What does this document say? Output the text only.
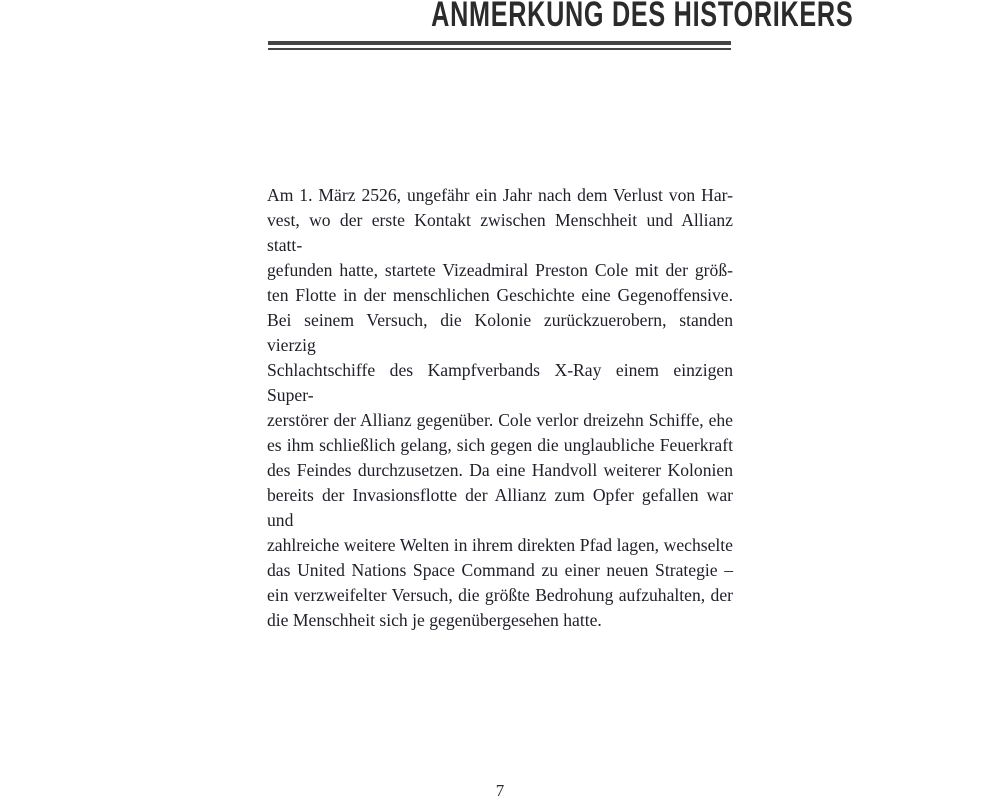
ANMERKUNG DES HISTORIKERS
Am 1. März 2526, ungefähr ein Jahr nach dem Verlust von Har-
vest, wo der erste Kontakt zwischen Menschheit und Allianz statt-
gefunden hatte, startete Vizeadmiral Preston Cole mit der größ-
ten Flotte in der menschlichen Geschichte eine Gegenoffensive.
Bei seinem Versuch, die Kolonie zurückzuerobern, standen vierzig
Schlachtschiffe des Kampfverbands X-Ray einem einzigen Super-
zerstörer der Allianz gegenüber. Cole verlor dreizehn Schiffe, ehe
es ihm schließlich gelang, sich gegen die unglaubliche Feuerkraft
des Feindes durchzusetzen. Da eine Handvoll weiterer Kolonien
bereits der Invasionsflotte der Allianz zum Opfer gefallen war und
zahlreiche weitere Welten in ihrem direkten Pfad lagen, wechselte
das United Nations Space Command zu einer neuen Strategie –
ein verzweifelter Versuch, die größte Bedrohung aufzuhalten, der
die Menschheit sich je gegenübergesehen hatte.
7
